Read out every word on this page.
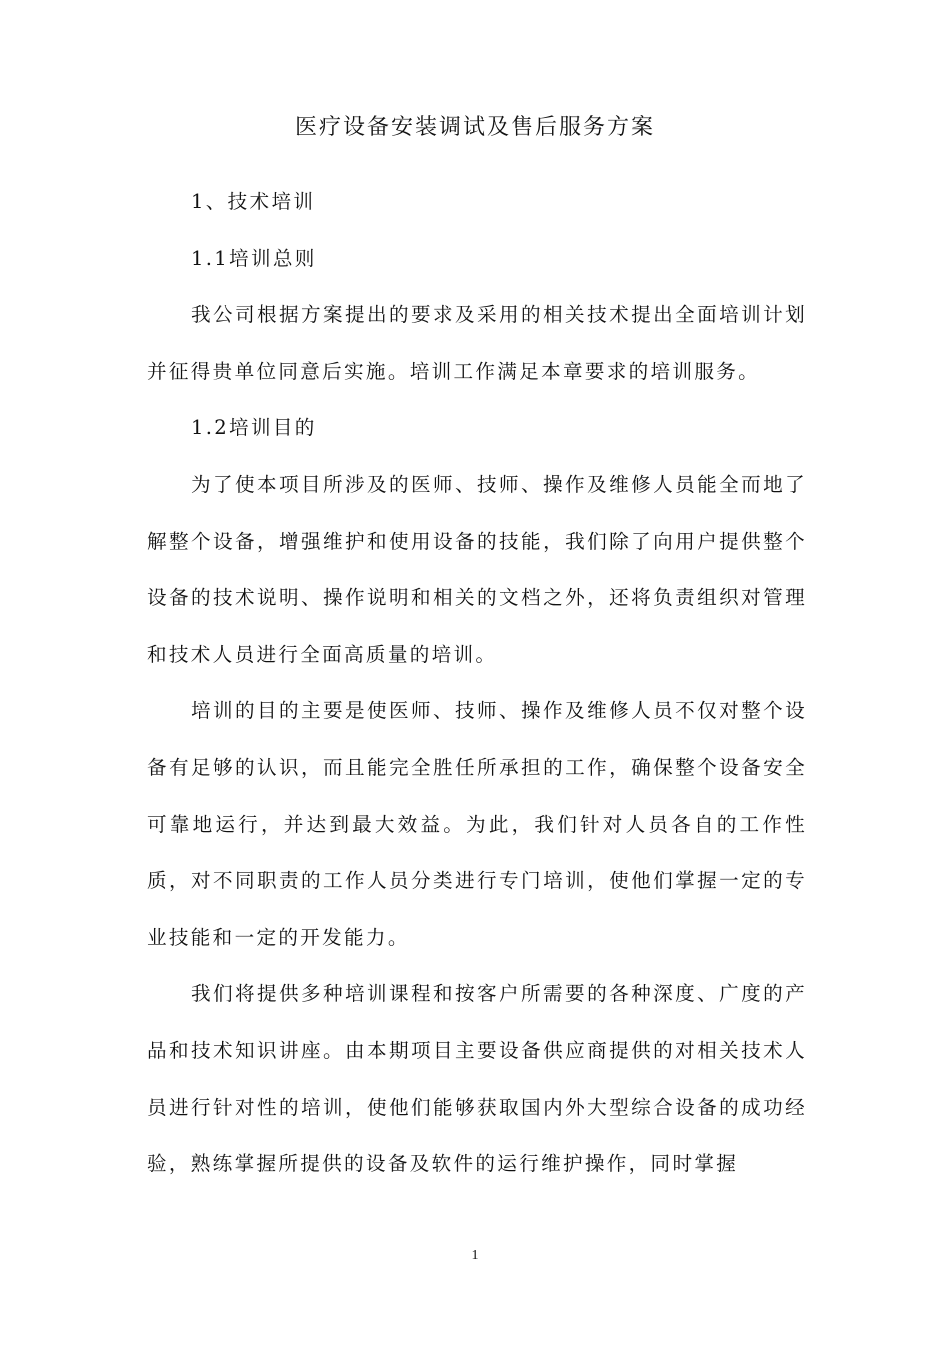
医疗设备安装调试及售后服务方案

1、技术培训

1.1培训总则

我公司根据方案提出的要求及采用的相关技术提出全面培训计划并征得贵单位同意后实施。培训工作满足本章要求的培训服务。

1.2培训目的

为了使本项目所涉及的医师、技师、操作及维修人员能全而地了解整个设备，增强维护和使用设备的技能，我们除了向用户提供整个设备的技术说明、操作说明和相关的文档之外，还将负责组织对管理和技术人员进行全面高质量的培训。

培训的目的主要是使医师、技师、操作及维修人员不仅对整个设备有足够的认识，而且能完全胜任所承担的工作，确保整个设备安全可靠地运行，并达到最大效益。为此，我们针对人员各自的工作性质，对不同职责的工作人员分类进行专门培训，使他们掌握一定的专业技能和一定的开发能力。

我们将提供多种培训课程和按客户所需要的各种深度、广度的产品和技术知识讲座。由本期项目主要设备供应商提供的对相关技术人员进行针对性的培训，使他们能够获取国内外大型综合设备的成功经验，熟练掌握所提供的设备及软件的运行维护操作，同时掌握

1
